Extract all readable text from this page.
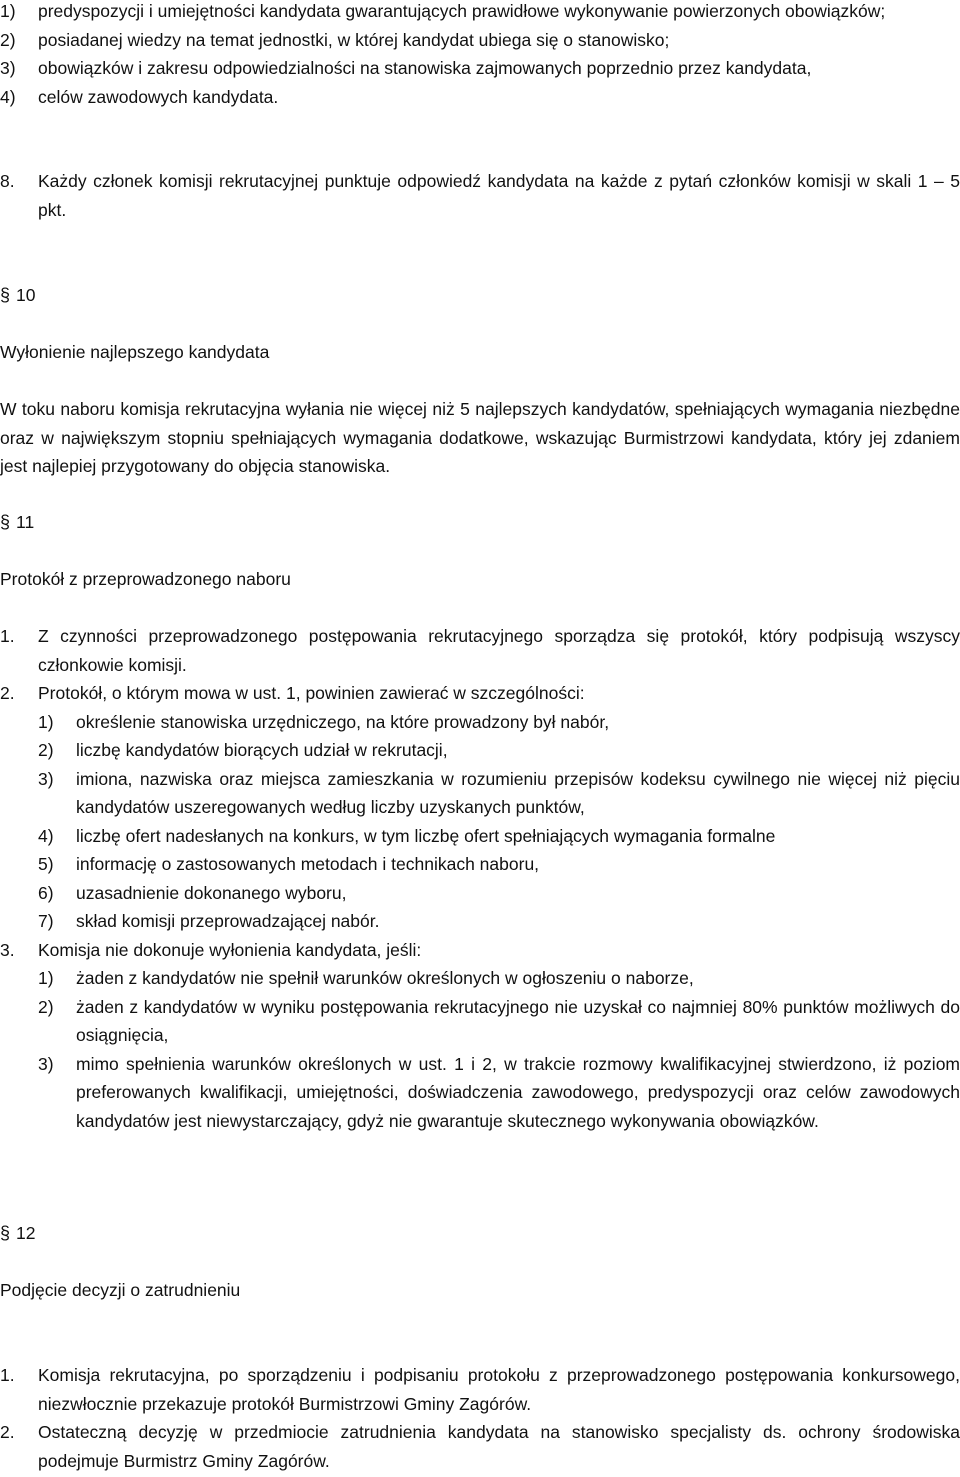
1)	predyspozycji i umiejętności kandydata gwarantujących prawidłowe wykonywanie powierzonych obowiązków;
2)	posiadanej wiedzy na temat jednostki, w której kandydat ubiega się o stanowisko;
3)	obowiązków i zakresu odpowiedzialności na stanowiska zajmowanych poprzednio przez kandydata,
4)	celów zawodowych kandydata.
8.	Każdy członek komisji rekrutacyjnej punktuje odpowiedź kandydata na każde z pytań członków komisji w skali 1 – 5 pkt.
§ 10
Wyłonienie najlepszego kandydata
W toku naboru komisja rekrutacyjna wyłania nie więcej niż 5 najlepszych kandydatów, spełniających wymagania niezbędne oraz w największym stopniu spełniających wymagania dodatkowe, wskazując Burmistrzowi kandydata, który jej zdaniem jest najlepiej przygotowany do objęcia stanowiska.
§ 11
Protokół z przeprowadzonego naboru
1.	Z czynności przeprowadzonego postępowania rekrutacyjnego sporządza się protokół, który podpisują wszyscy członkowie komisji.
2.	Protokół, o którym mowa w ust. 1, powinien zawierać w szczególności:
1)	określenie stanowiska urzędniczego, na które prowadzony był nabór,
2)	liczbę kandydatów biorących udział w rekrutacji,
3)	imiona, nazwiska oraz miejsca zamieszkania w rozumieniu przepisów kodeksu cywilnego nie więcej niż pięciu kandydatów uszeregowanych według liczby uzyskanych punktów,
4)	liczbę ofert nadesłanych na konkurs, w tym liczbę ofert spełniających wymagania formalne
5)	informację o zastosowanych metodach i technikach naboru,
6)	uzasadnienie dokonanego wyboru,
7)	skład komisji przeprowadzającej nabór.
3.	Komisja nie dokonuje wyłonienia kandydata, jeśli:
1)	żaden z kandydatów nie spełnił warunków określonych w ogłoszeniu o naborze,
2)	żaden z kandydatów w wyniku postępowania rekrutacyjnego nie uzyskał co najmniej 80% punktów możliwych do osiągnięcia,
3)	mimo spełnienia warunków określonych w ust. 1 i 2, w trakcie rozmowy kwalifikacyjnej stwierdzono, iż poziom preferowanych kwalifikacji, umiejętności, doświadczenia zawodowego, predyspozycji oraz celów zawodowych kandydatów jest niewystarczający, gdyż nie gwarantuje skutecznego wykonywania obowiązków.
§ 12
Podjęcie decyzji o zatrudnieniu
1.	Komisja rekrutacyjna, po sporządzeniu i podpisaniu protokołu z przeprowadzonego postępowania konkursowego, niezwłocznie przekazuje protokół Burmistrzowi Gminy Zagórów.
2.	Ostateczną decyzję w przedmiocie zatrudnienia kandydata na stanowisko specjalisty ds. ochrony środowiska podejmuje Burmistrz Gminy Zagórów.
